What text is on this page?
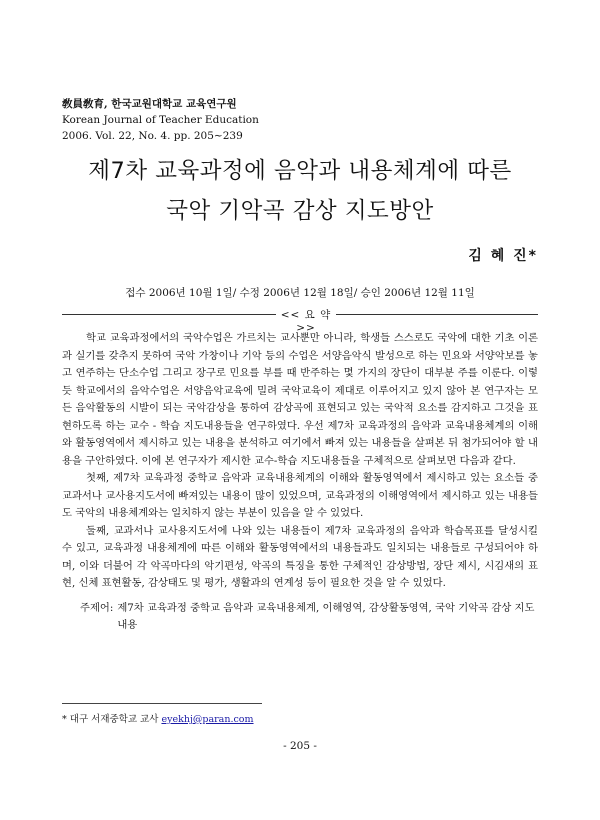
敎員敎育, 한국교원대학교 교육연구원
Korean Journal of Teacher Education
2006. Vol. 22, No. 4. pp. 205∼239
제7차 교육과정에 음악과 내용체계에 따른
국악 기악곡 감상 지도방안
김 혜 진*
접수 2006년 10월 1일/ 수정 2006년 12월 18일/ 승인 2006년 12월 11일
<< 요 약 >>

학교 교육과정에서의 국악수업은 가르치는 교사뿐만 아니라, 학생들 스스로도 국악에 대한 기초 이론과 실기를 갖추지 못하여 국악 가창이나 기악 등의 수업은 서양음악식 발성으로 하는 민요와 서양악보를 놓고 연주하는 단소수업 그리고 장구로 민요를 부를 때 반주하는 몇 가지의 장단이 대부분 주를 이룬다. 이렇듯 학교에서의 음악수업은 서양음악교육에 밀려 국악교육이 제대로 이루어지고 있지 않아 본 연구자는 모든 음악활동의 시발이 되는 국악감상을 통하여 감상곡에 표현되고 있는 국악적 요소를 감지하고 그것을 표현하도록 하는 교수 - 학습 지도내용들을 연구하였다. 우선 제7차 교육과정의 음악과 교육내용체계의 이해와 활동영역에서 제시하고 있는 내용을 분석하고 여기에서 빠져 있는 내용들을 살펴본 뒤 첨가되어야 할 내용을 구안하였다. 이에 본 연구자가 제시한 교수-학습 지도내용들을 구체적으로 살펴보면 다음과 같다.

첫째, 제7차 교육과정 중학교 음악과 교육내용체계의 이해와 활동영역에서 제시하고 있는 요소들 중 교과서나 교사용지도서에 빠져있는 내용이 많이 있었으며, 교육과정의 이해영역에서 제시하고 있는 내용들도 국악의 내용체계와는 일치하지 않는 부분이 있음을 알 수 있었다.

둘째, 교과서나 교사용지도서에 나와 있는 내용들이 제7차 교육과정의 음악과 학습목표를 달성시킬 수 있고, 교육과정 내용체계에 따른 이해와 활동영역에서의 내용들과도 일치되는 내용들로 구성되어야 하며, 이와 더불어 각 악곡마다의 악기편성, 악곡의 특징을 통한 구체적인 감상방법, 장단 제시, 시김새의 표현, 신체 표현활동, 감상태도 및 평가, 생활과의 연계성 등이 필요한 것을 알 수 있었다.

주제어: 제7차 교육과정 중학교 음악과 교육내용체계, 이해영역, 감상활동영역, 국악 기악곡 감상 지도내용
* 대구 서재중학교 교사 eyekhj@paran.com
- 205 -
